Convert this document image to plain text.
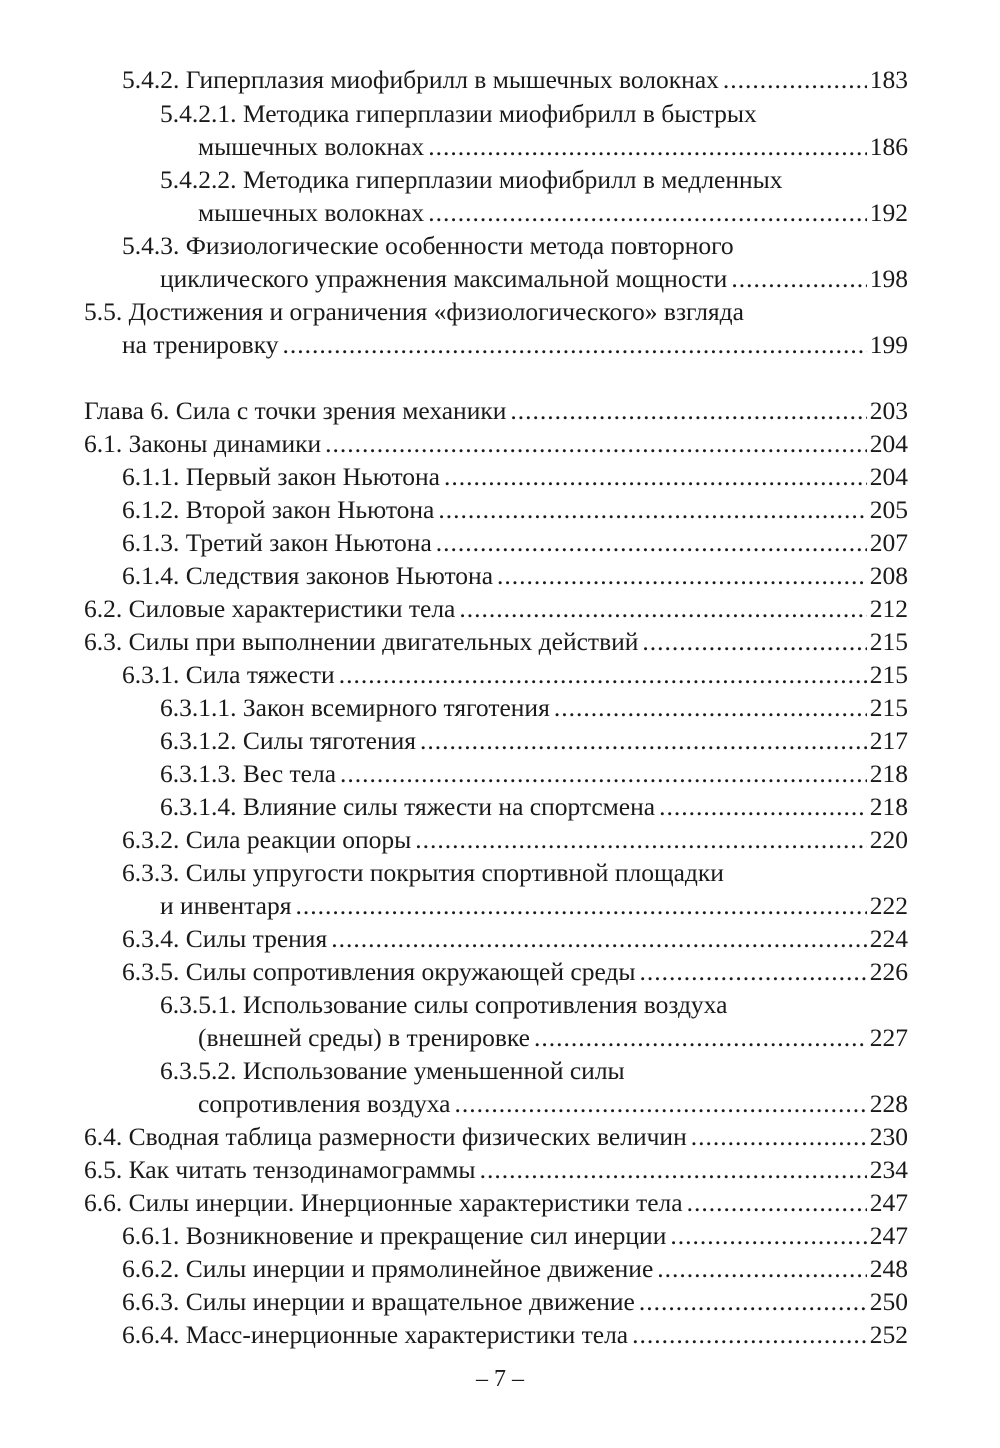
5.4.2. Гиперплазия миофибрилл в мышечных волокнах .....	183
5.4.2.1. Методика гиперплазии миофибрилл в быстрых
мышечных волокнах .....	186
5.4.2.2. Методика гиперплазии миофибрилл в медленных
мышечных волокнах .....	192
5.4.3. Физиологические особенности метода повторного
циклического упражнения максимальной мощности .....	198
5.5. Достижения и ограничения «физиологического» взгляда
на тренировку .....	199
Глава 6. Сила с точки зрения механики .....	203
6.1. Законы динамики .....	204
6.1.1. Первый закон Ньютона .....	204
6.1.2. Второй закон Ньютона .....	205
6.1.3. Третий закон Ньютона .....	207
6.1.4. Следствия законов Ньютона .....	208
6.2. Силовые характеристики тела .....	212
6.3. Силы при выполнении двигательных действий .....	215
6.3.1. Сила тяжести .....	215
6.3.1.1. Закон всемирного тяготения .....	215
6.3.1.2. Силы тяготения .....	217
6.3.1.3. Вес тела .....	218
6.3.1.4. Влияние силы тяжести на спортсмена .....	218
6.3.2. Сила реакции опоры .....	220
6.3.3. Силы упругости покрытия спортивной площадки
и инвентаря .....	222
6.3.4. Силы трения .....	224
6.3.5. Силы сопротивления окружающей среды .....	226
6.3.5.1. Использование силы сопротивления воздуха
(внешней среды) в тренировке .....	227
6.3.5.2. Использование уменьшенной силы
сопротивления воздуха .....	228
6.4. Сводная таблица размерности физических величин .....	230
6.5. Как читать тензодинамограммы .....	234
6.6. Силы инерции. Инерционные характеристики тела .....	247
6.6.1. Возникновение и прекращение сил инерции .....	247
6.6.2. Силы инерции и прямолинейное движение .....	248
6.6.3. Силы инерции и вращательное движение .....	250
6.6.4. Масс-инерционные характеристики тела .....	252
– 7 –
